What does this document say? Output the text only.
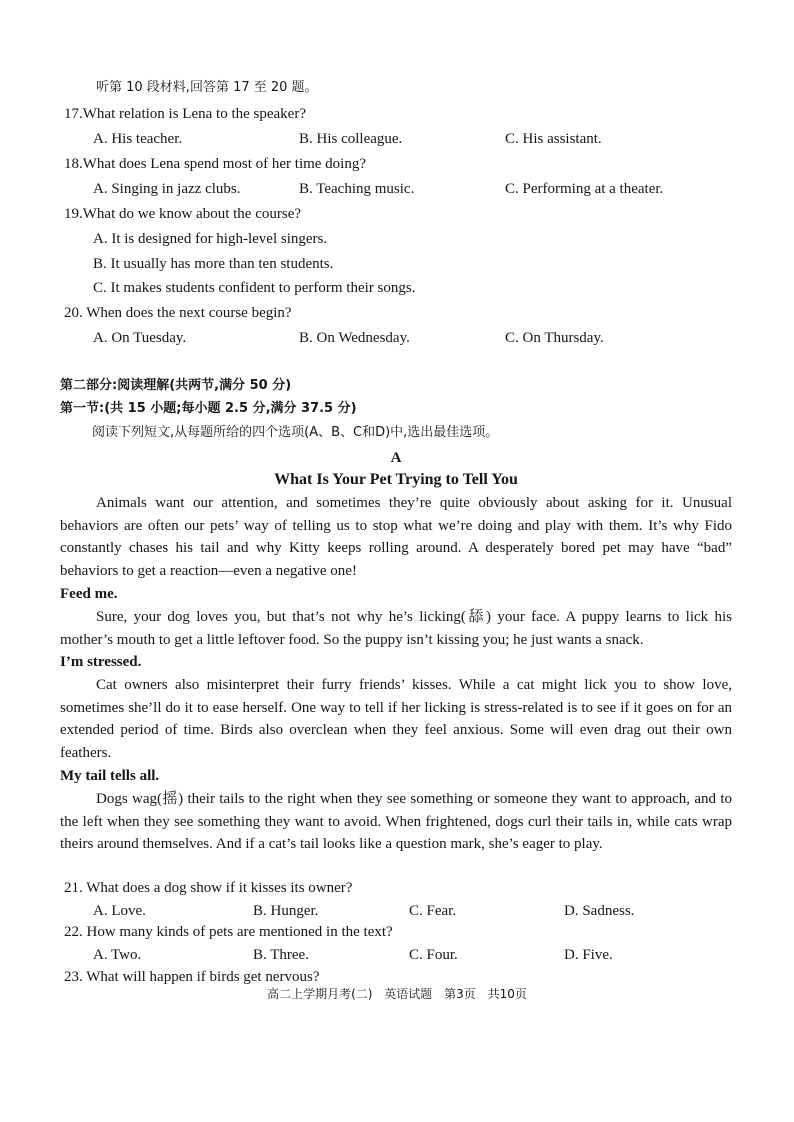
听第 10 段材料,回答第 17 至 20 题。
17.What relation is Lena to the speaker?
A. His teacher.	B. His colleague.	C. His assistant.
18.What does Lena spend most of her time doing?
A. Singing in jazz clubs.	B. Teaching music.	C. Performing at a theater.
19.What do we know about the course?
A. It is designed for high-level singers.
B. It usually has more than ten students.
C. It makes students confident to perform their songs.
20. When does the next course begin?
A. On Tuesday.	B. On Wednesday.	C. On Thursday.
第二部分:阅读理解(共两节,满分 50 分)
第一节:(共 15 小题;每小题 2.5 分,满分 37.5 分)
阅读下列短文,从每题所给的四个选项(A、B、C和D)中,选出最佳选项。
A
What Is Your Pet Trying to Tell You

Animals want our attention, and sometimes they’re quite obviously about asking for it. Unusual behaviors are often our pets’ way of telling us to stop what we’re doing and play with them. It’s why Fido constantly chases his tail and why Kitty keeps rolling around. A desperately bored pet may have “bad” behaviors to get a reaction—even a negative one!

Feed me.

Sure, your dog loves you, but that’s not why he’s licking(舔) your face. A puppy learns to lick his mother’s mouth to get a little leftover food. So the puppy isn’t kissing you; he just wants a snack.

I’m stressed.

Cat owners also misinterpret their furry friends’ kisses. While a cat might lick you to show love, sometimes she’ll do it to ease herself. One way to tell if her licking is stress-related is to see if it goes on for an extended period of time. Birds also overclean when they feel anxious. Some will even drag out their own feathers.

My tail tells all.

Dogs wag(摇) their tails to the right when they see something or someone they want to approach, and to the left when they see something they want to avoid. When frightened, dogs curl their tails in, while cats wrap theirs around themselves. And if a cat’s tail looks like a question mark, she’s eager to play.

21. What does a dog show if it kisses its owner?
A. Love.	B. Hunger.	C. Fear.	D. Sadness.
22. How many kinds of pets are mentioned in the text?
A. Two.	B. Three.	C. Four.	D. Five.
23. What will happen if birds get nervous?
高二上学期月考(二) 英语试题 第3页 共10页
